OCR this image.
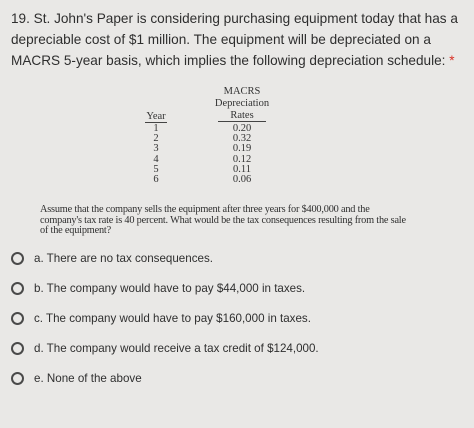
19. St. John's Paper is considering purchasing equipment today that has a depreciable cost of $1 million. The equipment will be depreciated on a MACRS 5-year basis, which implies the following depreciation schedule: *
MACRS
Depreciation
Year	Rates
1
2
3
4
5
6
0.20
0.32
0.19
0.12
0.11
0.06
Assume that the company sells the equipment after three years for $400,000 and the company's tax rate is 40 percent. What would be the tax consequences resulting from the sale of the equipment?
a. There are no tax consequences.
b. The company would have to pay $44,000 in taxes.
c. The company would have to pay $160,000 in taxes.
d. The company would receive a tax credit of $124,000.
e. None of the above
